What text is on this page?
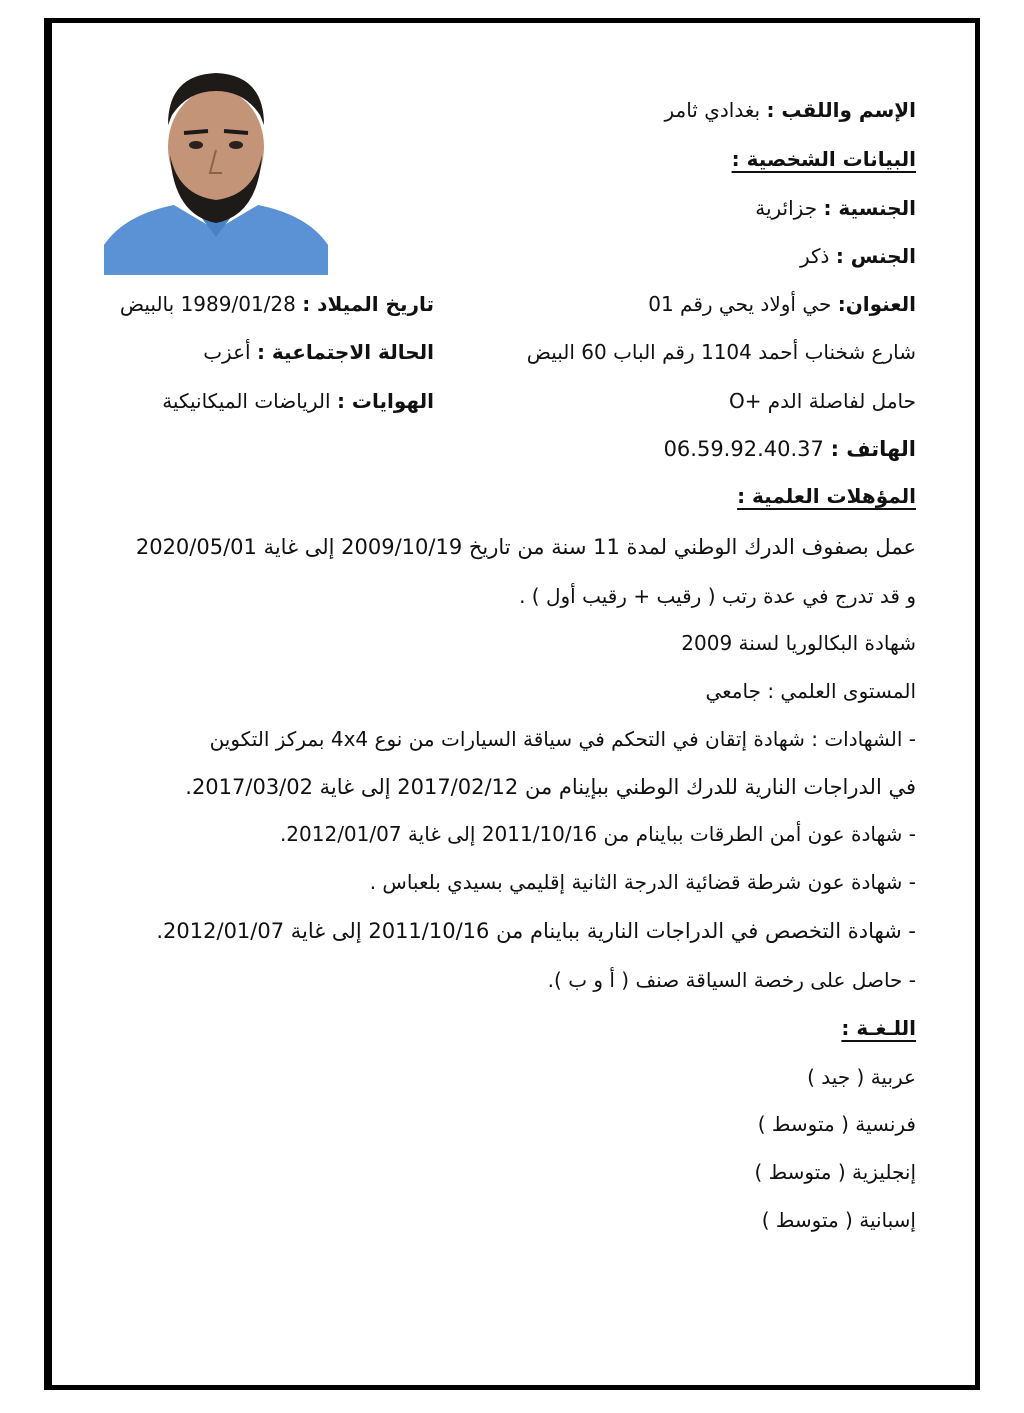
الإسم واللقب : بغدادي ثامر
البيانات الشخصية :
الجنسية : جزائرية
الجنس : ذكر
العنوان: حي أولاد يحي رقم 01
شارع شخناب أحمد 1104 رقم الباب 60 البيض
حامل لفاصلة الدم +O
الهاتف : 06.59.92.40.37
تاريخ الميلاد : 1989/01/28 بالبيض
الحالة الاجتماعية : أعزب
الهوايات : الرياضات الميكانيكية
المؤهلات العلمية :
عمل بصفوف الدرك الوطني لمدة 11 سنة من تاريخ 2009/10/19 إلى غاية 2020/05/01
و قد تدرج في عدة رتب ( رقيب + رقيب أول ) .
شهادة البكالوريا لسنة 2009
المستوى العلمي : جامعي
- الشهادات : شهادة إتقان في التحكم في سياقة السيارات من نوع 4x4 بمركز التكوين
في الدراجات النارية للدرك الوطني ببإينام من 2017/02/12 إلى غاية 2017/03/02.
- شهادة عون أمن الطرقات بباينام من 2011/10/16 إلى غاية 2012/01/07.
- شهادة عون شرطة قضائية الدرجة الثانية إقليمي بسيدي بلعباس .
- شهادة التخصص في الدراجات النارية بباينام من 2011/10/16 إلى غاية 2012/01/07.
- حاصل على رخصة السياقة صنف ( أ و ب ).
اللـغـة :
عربية ( جيد )
فرنسية ( متوسط )
إنجليزية ( متوسط )
إسبانية ( متوسط )
